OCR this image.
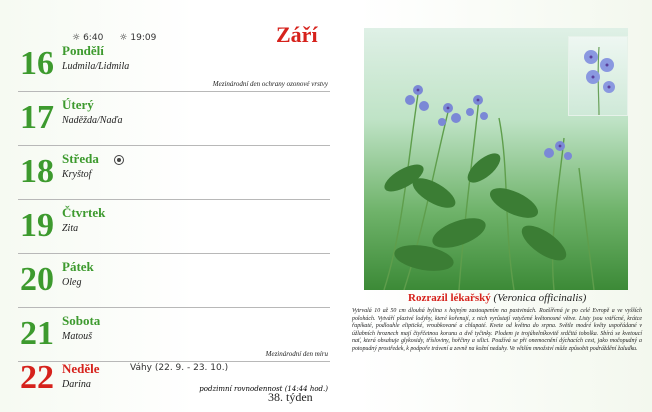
☼ 6:40 ☼ 19:09	Září
16 Pondělí
Ludmila/Lidmila
Mezinárodní den ochrany ozonové vrstvy
17 Úterý
Naděžda/Naďa
18 Středa
Kryštof
19 Čtvrtek
Zita
20 Pátek
Oleg
21 Sobota
Matouš
Mezinárodní den míru
22 Neděle	Váhy (22. 9. - 23. 10.)
Darina	podzimní rovnodennost (14:44 hod.)
38. týden
Rozrazil lékařský (Veronica officinalis)
Vytrvalá 10 až 50 cm dlouhá bylina s hojným zastoupením na pastvinách. Rozšířená je po celé Evropě a ve vyšších polohách. Vytváří plazivé lodyhy, které kořenují, z nich vyrůstají vztyčené květonosné větve. Listy jsou vstřícné, krátce řapíkaté, podlouhle eliptické, vroubkované a chlupaté. Kvete od května do srpna. Světle modré květy uspořádané v úžlabních hroznech mají čtyřčetnou korunu a dvě tyčinky. Plodem je trojúhelníkovitě srdčitá tobolka. Sbírá se kvetoucí nať, která obsahuje glykosidy, třísloviny, hořčiny a silici. Používá se při onemocnění dýchacích cest, jako močopudný a potopudný prostředek, k podpoře trávení a zevně na kožní neduhy. Ve větším množství může způsobit podráždění žaludku.
